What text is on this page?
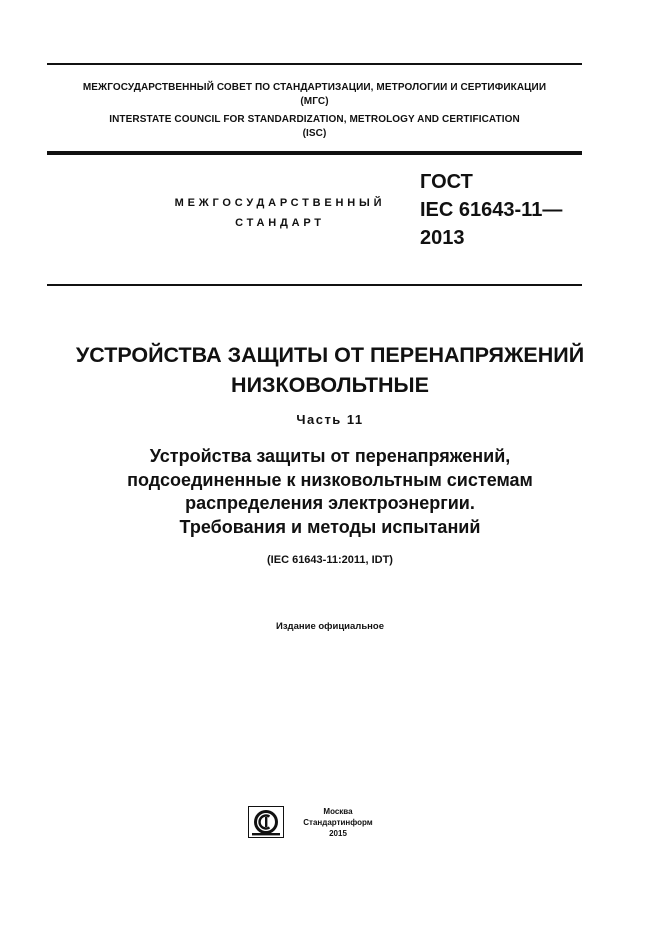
МЕЖГОСУДАРСТВЕННЫЙ СОВЕТ ПО СТАНДАРТИЗАЦИИ, МЕТРОЛОГИИ И СЕРТИФИКАЦИИ
(МГС)
INTERSTATE COUNCIL FOR STANDARDIZATION, METROLOGY AND CERTIFICATION
(ISC)
МЕЖГОСУДАРСТВЕННЫЙ
СТАНДАРТ
ГОСТ
IEC 61643-11—
2013
УСТРОЙСТВА ЗАЩИТЫ ОТ ПЕРЕНАПРЯЖЕНИЙ
НИЗКОВОЛЬТНЫЕ
Часть 11
Устройства защиты от перенапряжений,
подсоединенные к низковольтным системам
распределения электроэнергии.
Требования и методы испытаний
(IEC 61643-11:2011, IDT)
Издание официальное
Москва
Стандартинформ
2015
